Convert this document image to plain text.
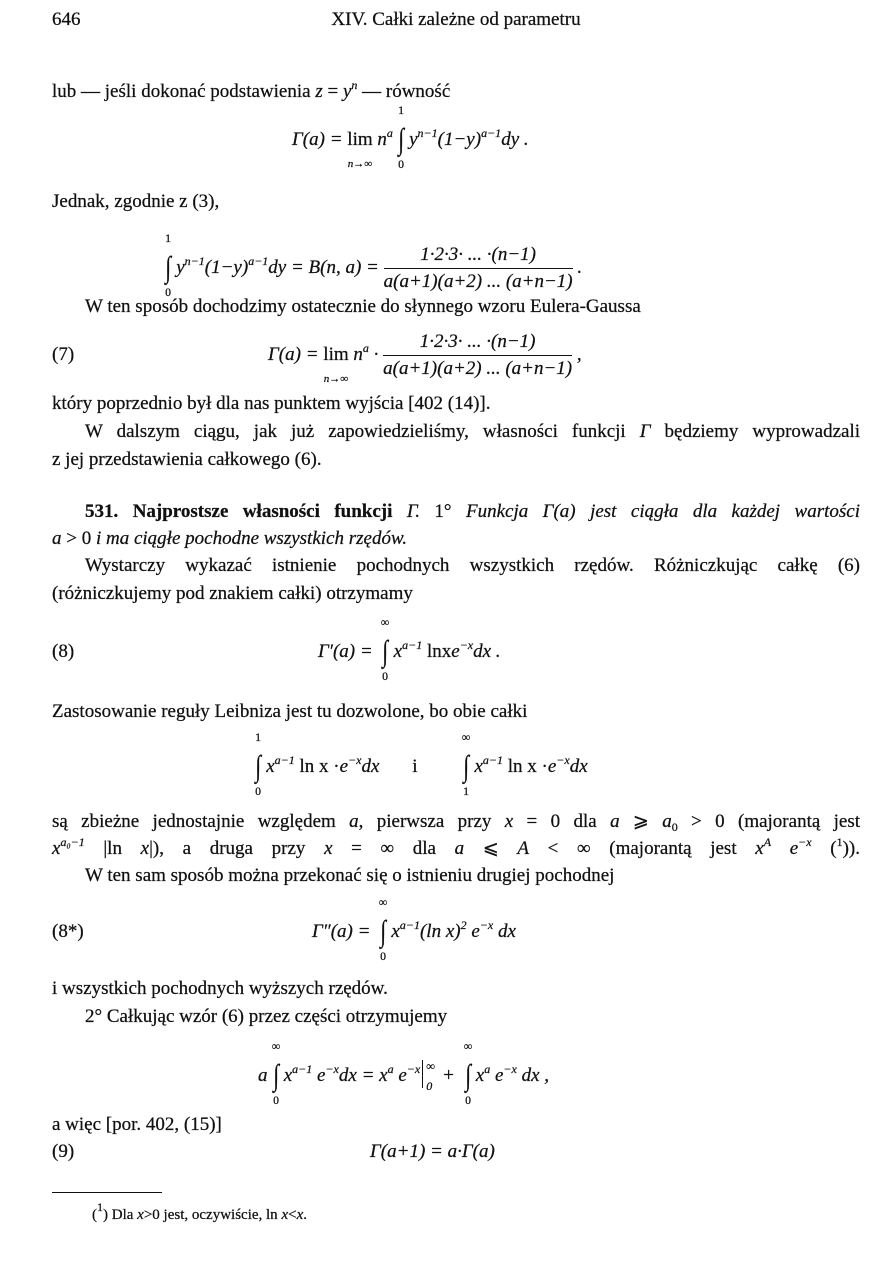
646	XIV. Całki zależne od parametru
lub — jeśli dokonać podstawienia $z = y^n$ — równość
Γ(a) = lim
n→∞
$n^a$ ∫
1
0
$y^{n-1}(1-y)^{a-1}dy$ .
Jednak, zgodnie z (3),
∫
1
0
$y^{n-1}(1-y)^{a-1}dy = B(n$, $a) = \frac{1\cdot 2\cdot 3\cdot ... \cdot(n-1)}{a(a+1)(a+2) ... (a+n-1)}$ .
W ten sposób dochodzimy ostatecznie do słynnego wzoru Eulera-Gaussa
(7)	Γ(a) = lim
n→∞
$n^a \cdot \frac{1\cdot 2\cdot 3\cdot ... \cdot(n-1)}{a(a+1)(a+2) ... (a+n-1)}$ ,
który poprzednio był dla nas punktem wyjścia [402 (14)].
W dalszym ciągu, jak już zapowiedzieliśmy, własności funkcji Γ będziemy wyprowadzali
z jej przedstawienia całkowego (6).
531. Najprostsze własności funkcji Γ. 1° Funkcja Γ(a) jest ciągła dla każdej wartości
a > 0 i ma ciągłe pochodne wszystkich rzędów.
Wystarczy wykazać istnienie pochodnych wszystkich rzędów. Różniczkując całkę (6)
(różniczkujemy pod znakiem całki) otrzymamy
(8)	Γ′(a) = ∫
∞
0
$x^{a-1}$ lnxe$^{-x}$dx .
Zastosowanie reguły Leibniza jest tu dozwolone, bo obie całki
∫
1
0
$x^{a-1}$ $\ln x \cdot e^{-x}dx$ i ∫
∞
1
$x^{a-1}$ $\ln x \cdot e^{-x}dx$
są zbieżne jednostajnie względem a, pierwsza przy x = 0 dla a ⩾ $a_0 > 0$ (majorantą jest
$x^{a_0-1}$ |ln x|), a druga przy x = ∞ dla a ⩽ A < ∞ (majorantą jest $x^A$ $e^{-x}$ ($^1$)).
W ten sam sposób można przekonać się o istnieniu drugiej pochodnej
(8*)	Γ″(a) = ∫
∞
0
$x^{a-1}(\ln$ x)$^2$ $e^{-x}$ dx
i wszystkich pochodnych wyższych rzędów.
2° Całkując wzór (6) przez części otrzymujemy
a ∫
∞
0
$x^{a-1}$ $e^{-x}dx = x^a$ $e^{-x}$ ∞
0 + ∫
∞
0
$x^a$ $e^{-x}$ dx ,
a więc [por. 402, (15)]
(9)	Γ(a+1) = a·Γ(a)
($^1$) Dla x>0 jest, oczywiście, ln x<x.
